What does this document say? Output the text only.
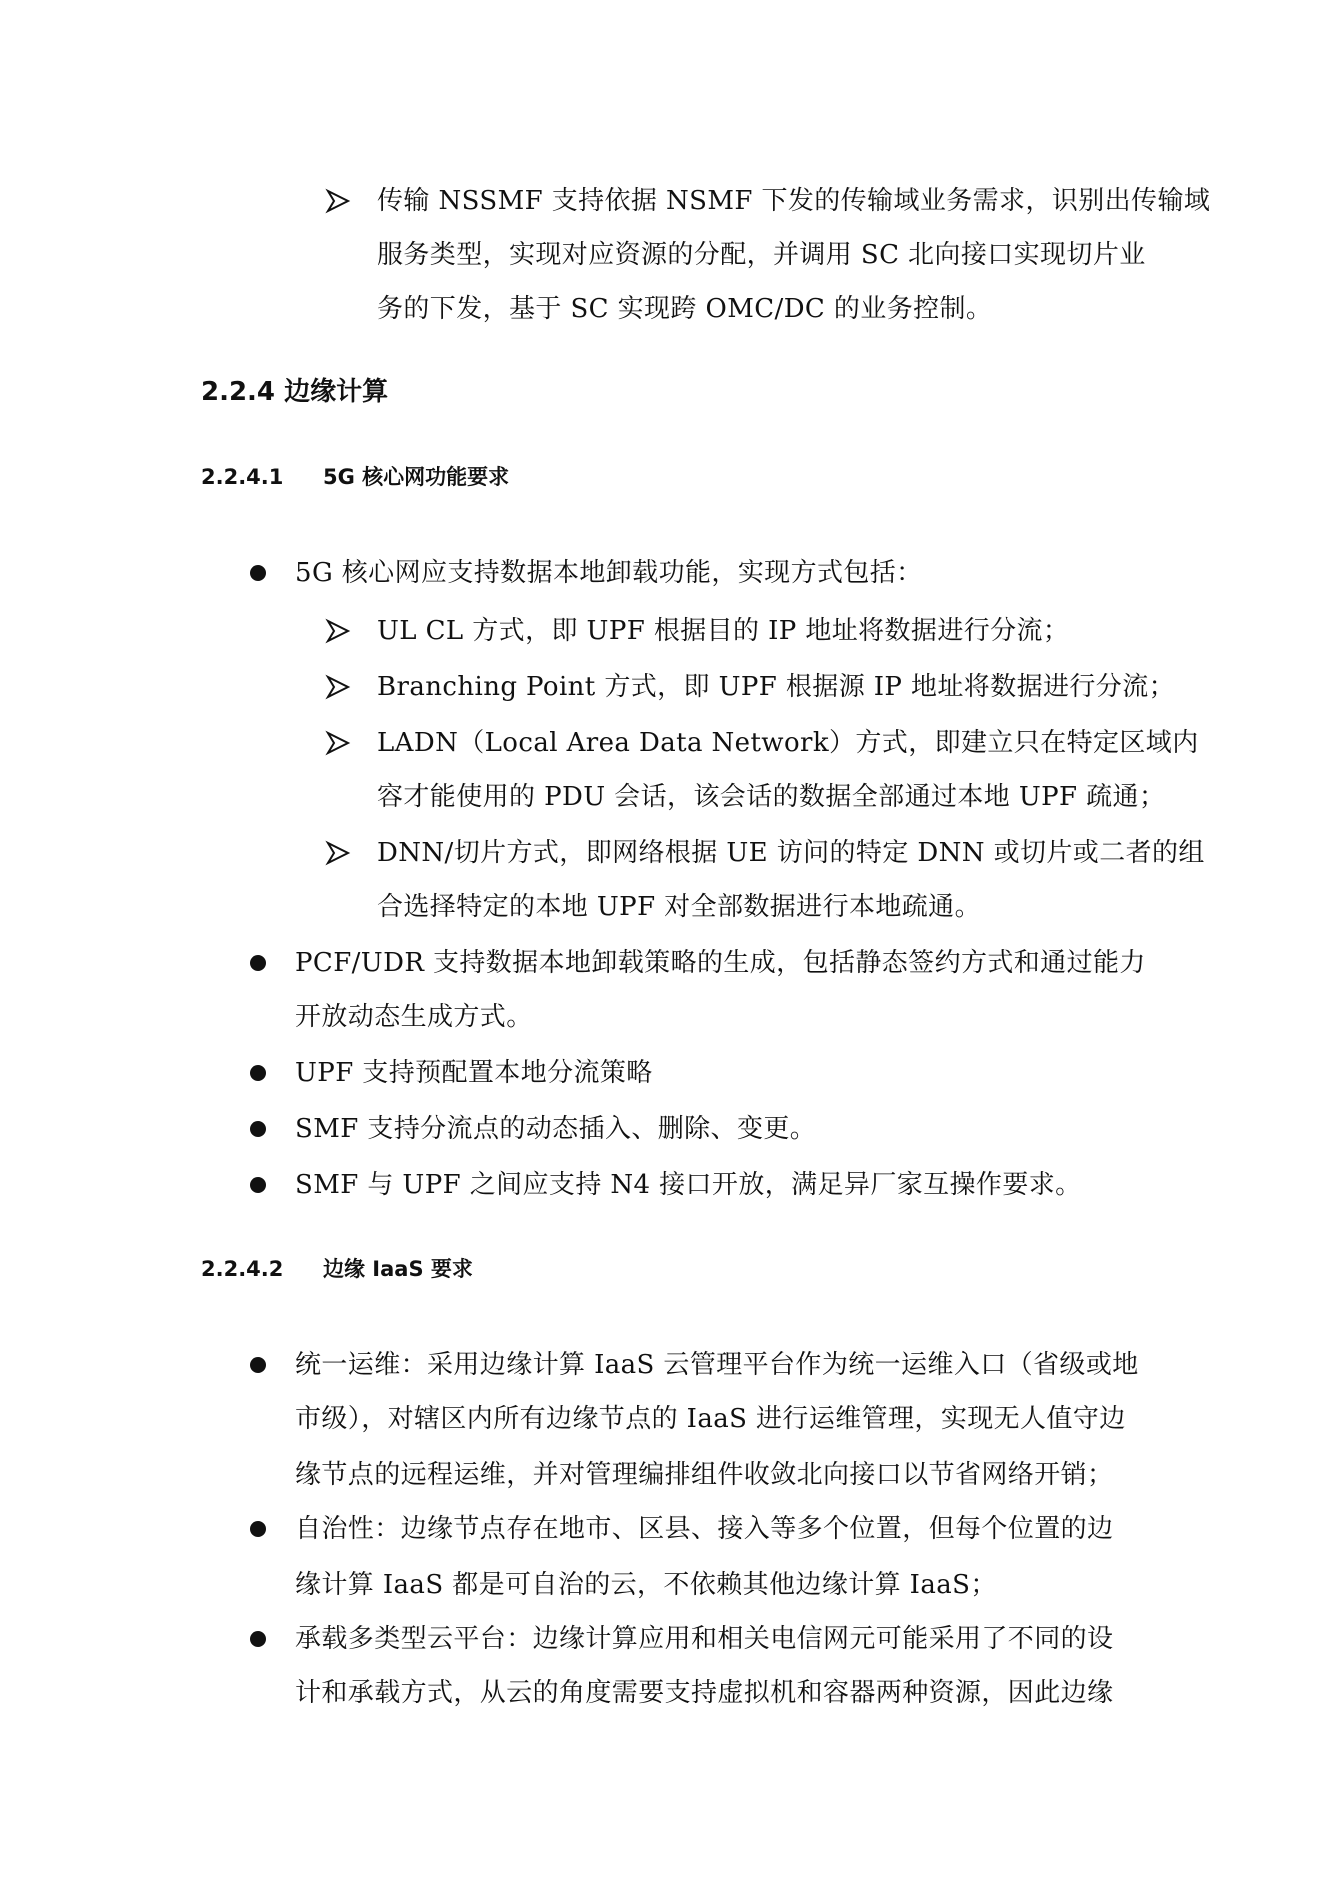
传输 NSSMF 支持依据 NSMF 下发的传输域业务需求，识别出传输域
服务类型，实现对应资源的分配，并调用 SC 北向接口实现切片业
务的下发，基于 SC 实现跨 OMC/DC 的业务控制。
2.2.4 边缘计算
2.2.4.1 5G 核心网功能要求
5G 核心网应支持数据本地卸载功能，实现方式包括：
UL CL 方式，即 UPF 根据目的 IP 地址将数据进行分流；
Branching Point 方式，即 UPF 根据源 IP 地址将数据进行分流；
LADN（Local Area Data Network）方式，即建立只在特定区域内
容才能使用的 PDU 会话，该会话的数据全部通过本地 UPF 疏通；
DNN/切片方式，即网络根据 UE 访问的特定 DNN 或切片或二者的组
合选择特定的本地 UPF 对全部数据进行本地疏通。
PCF/UDR 支持数据本地卸载策略的生成，包括静态签约方式和通过能力
开放动态生成方式。
UPF 支持预配置本地分流策略
SMF 支持分流点的动态插入、删除、变更。
SMF 与 UPF 之间应支持 N4 接口开放，满足异厂家互操作要求。
2.2.4.2 边缘 IaaS 要求
统一运维：采用边缘计算 IaaS 云管理平台作为统一运维入口（省级或地
市级），对辖区内所有边缘节点的 IaaS 进行运维管理，实现无人值守边
缘节点的远程运维，并对管理编排组件收敛北向接口以节省网络开销；
自治性：边缘节点存在地市、区县、接入等多个位置，但每个位置的边
缘计算 IaaS 都是可自治的云，不依赖其他边缘计算 IaaS；
承载多类型云平台：边缘计算应用和相关电信网元可能采用了不同的设
计和承载方式，从云的角度需要支持虚拟机和容器两种资源，因此边缘
